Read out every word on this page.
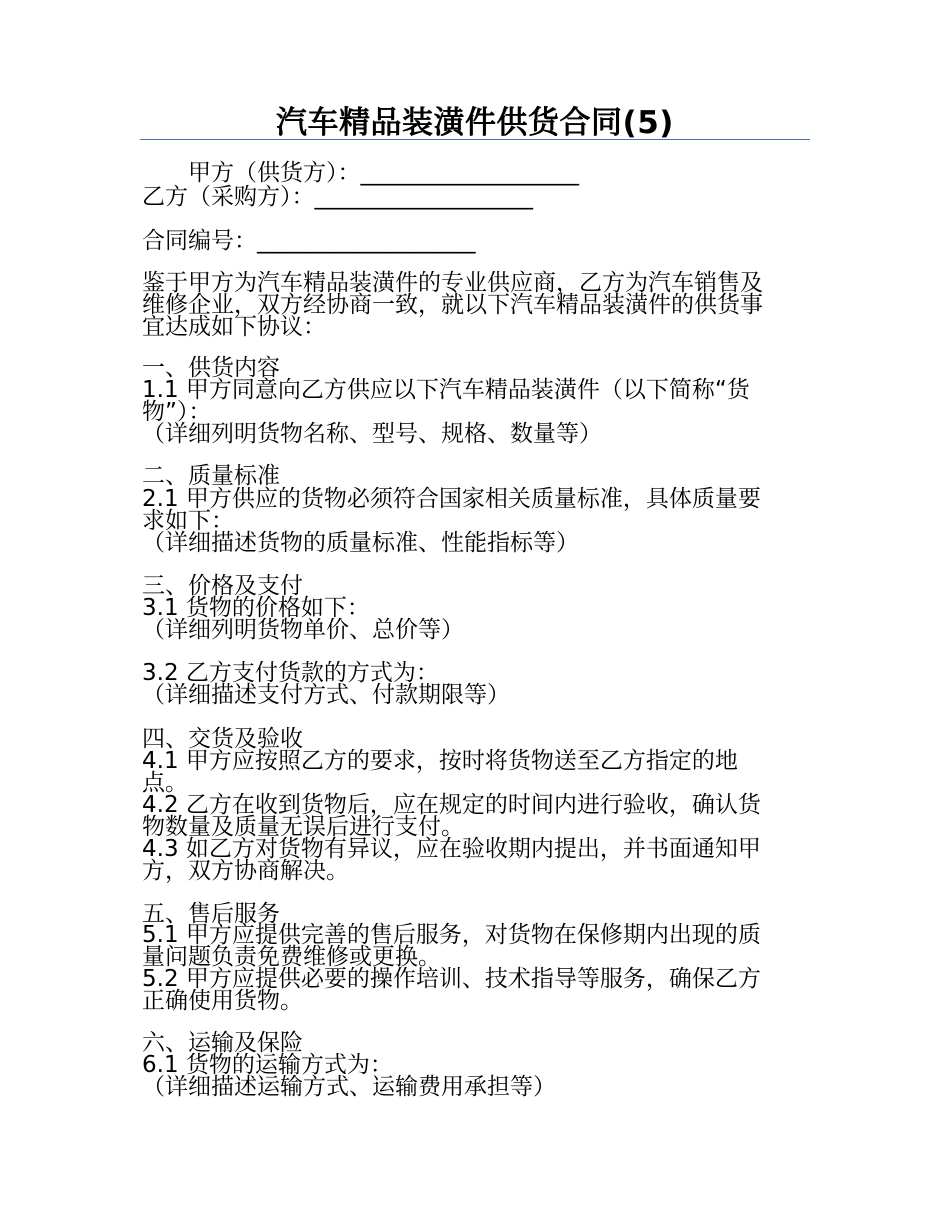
汽车精品装潢件供货合同(5)
甲方（供货方）：___________________
乙方（采购方）：___________________
合同编号：___________________
鉴于甲方为汽车精品装潢件的专业供应商，乙方为汽车销售及
维修企业，双方经协商一致，就以下汽车精品装潢件的供货事
宜达成如下协议：
一、供货内容
1.1 甲方同意向乙方供应以下汽车精品装潢件（以下简称“货
物”）：
（详细列明货物名称、型号、规格、数量等）
二、质量标准
2.1 甲方供应的货物必须符合国家相关质量标准，具体质量要
求如下：
（详细描述货物的质量标准、性能指标等）
三、价格及支付
3.1 货物的价格如下：
（详细列明货物单价、总价等）
3.2 乙方支付货款的方式为：
（详细描述支付方式、付款期限等）
四、交货及验收
4.1 甲方应按照乙方的要求，按时将货物送至乙方指定的地
点。
4.2 乙方在收到货物后，应在规定的时间内进行验收，确认货
物数量及质量无误后进行支付。
4.3 如乙方对货物有异议，应在验收期内提出，并书面通知甲
方，双方协商解决。
五、售后服务
5.1 甲方应提供完善的售后服务，对货物在保修期内出现的质
量问题负责免费维修或更换。
5.2 甲方应提供必要的操作培训、技术指导等服务，确保乙方
正确使用货物。
六、运输及保险
6.1 货物的运输方式为：
（详细描述运输方式、运输费用承担等）
